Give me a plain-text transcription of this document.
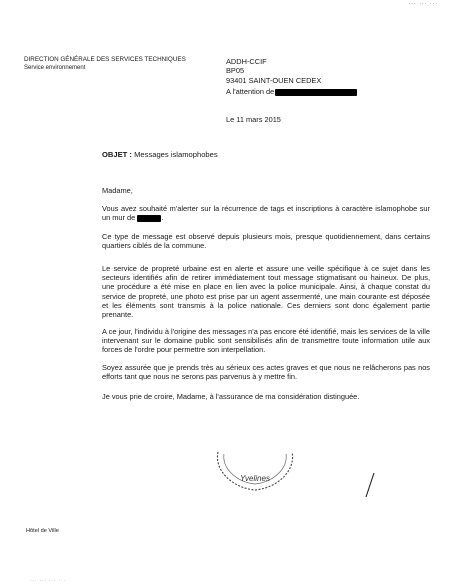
... ... ...
DIRECTION GÉNÉRALE DES SERVICES TECHNIQUES
Service environnement
ADDH-CCIF
BP05
93401 SAINT-OUEN CEDEX
A l'attention de
Le 11 mars 2015
OBJET : Messages islamophobes

Madame,

Vous avez souhaité m'alerter sur la récurrence de tags et inscriptions à caractère islamophobe sur un mur de	.

Ce type de message est observé depuis plusieurs mois, presque quotidiennement, dans certains quartiers ciblés de la commune.

Le service de propreté urbaine est en alerte et assure une veille spécifique à ce sujet dans les secteurs identifiés afin de retirer immédiatement tout message stigmatisant ou haineux. De plus, une procédure a été mise en place en lien avec la police municipale. Ainsi, à chaque constat du service de propreté, une photo est prise par un agent assermenté, une main courante est déposée et les éléments sont transmis à la police nationale. Ces derniers sont donc également partie prenante.

A ce jour, l'individu à l'origine des messages n'a pas encore été identifié, mais les services de la ville intervenant sur le domaine public sont sensibilisés afin de transmettre toute information utile aux forces de l'ordre pour permettre son interpellation.

Soyez assurée que je prends très au sérieux ces actes graves et que nous ne relâcherons pas nos efforts tant que nous ne serons pas parvenus à y mettre fin.

Je vous prie de croire, Madame, à l'assurance de ma considération distinguée.

Yvelines
Hôtel de Ville
... ... ... ...
